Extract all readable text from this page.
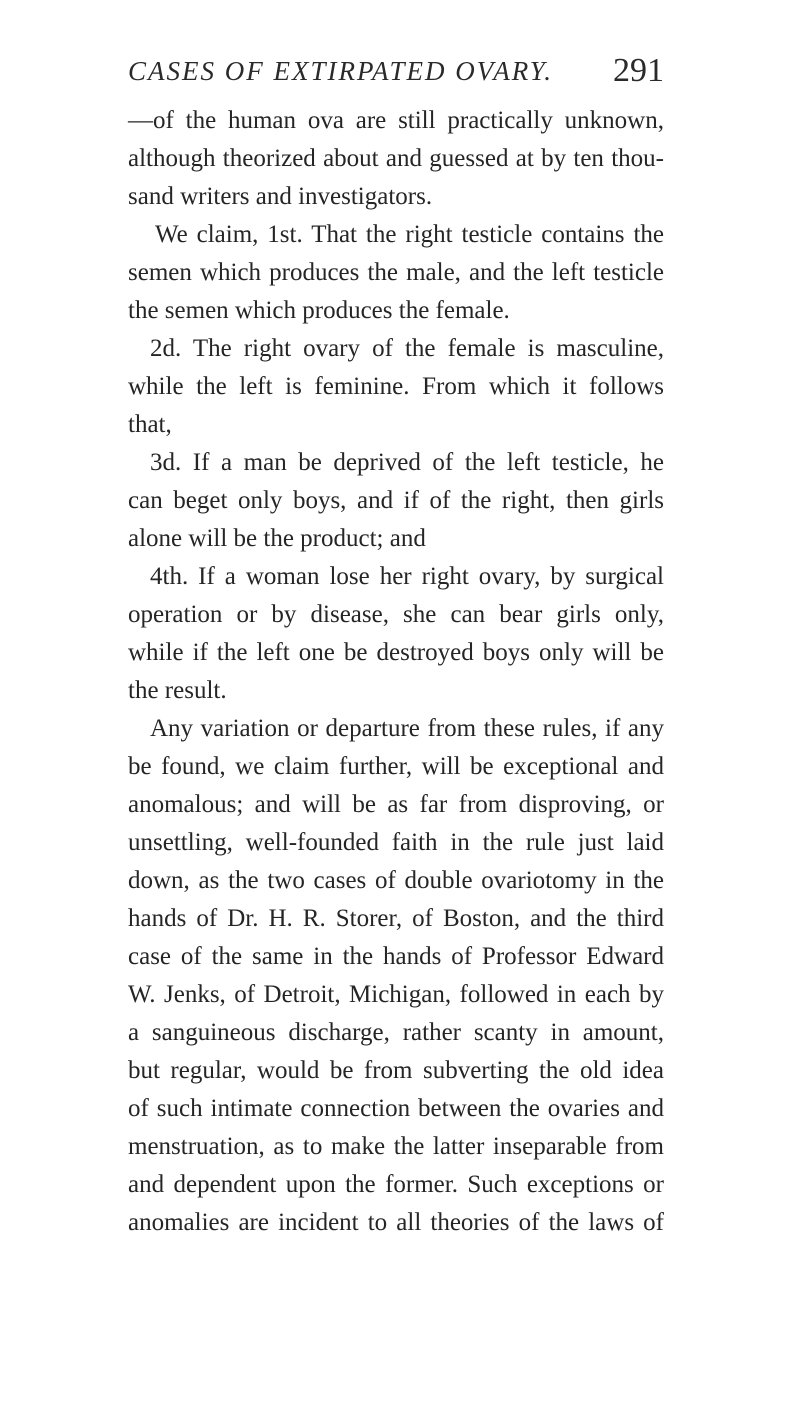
CASES OF EXTIRPATED OVARY. 291
—of the human ova are still practically unknown,
although theorized about and guessed at by ten thou-
sand writers and investigators.
We claim, 1st. That the right testicle contains the
semen which produces the male, and the left testicle
the semen which produces the female.
2d. The right ovary of the female is masculine,
while the left is feminine. From which it follows
that,
3d. If a man be deprived of the left testicle, he
can beget only boys, and if of the right, then girls
alone will be the product; and
4th. If a woman lose her right ovary, by surgical
operation or by disease, she can bear girls only,
while if the left one be destroyed boys only will be
the result.
Any variation or departure from these rules, if any
be found, we claim further, will be exceptional and
anomalous; and will be as far from disproving, or
unsettling, well-founded faith in the rule just laid
down, as the two cases of double ovariotomy in the
hands of Dr. H. R. Storer, of Boston, and the third
case of the same in the hands of Professor Edward
W. Jenks, of Detroit, Michigan, followed in each by
a sanguineous discharge, rather scanty in amount,
but regular, would be from subverting the old idea
of such intimate connection between the ovaries and
menstruation, as to make the latter inseparable from
and dependent upon the former. Such exceptions or
anomalies are incident to all theories of the laws of
